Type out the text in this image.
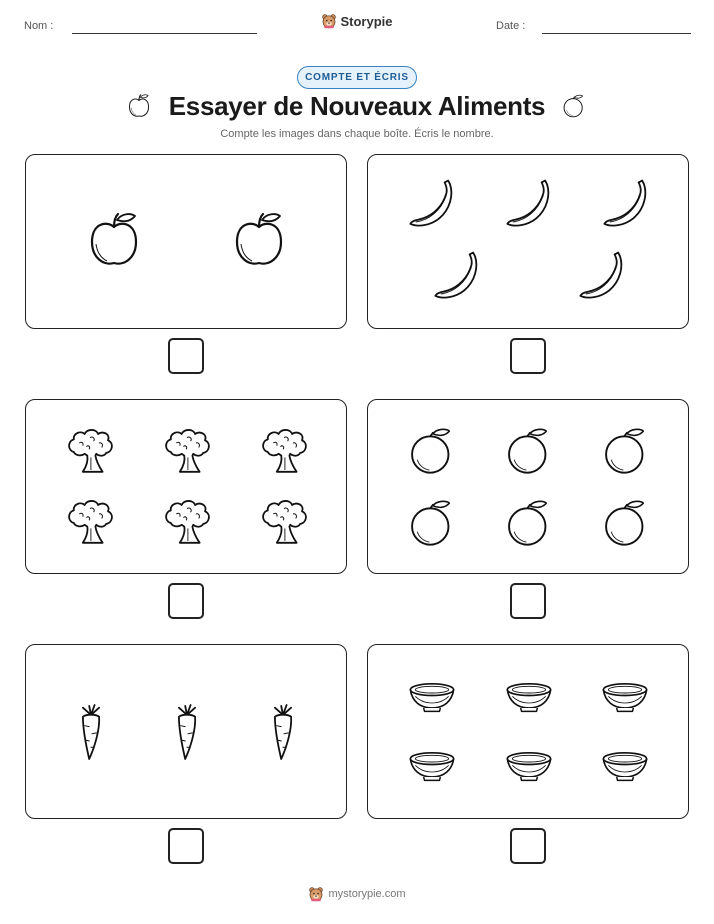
Nom :	Storypie	Date :
COMPTE ET ÉCRIS
Essayer de Nouveaux Aliments
Compte les images dans chaque boîte. Écris le nombre.
mystorypie.com
